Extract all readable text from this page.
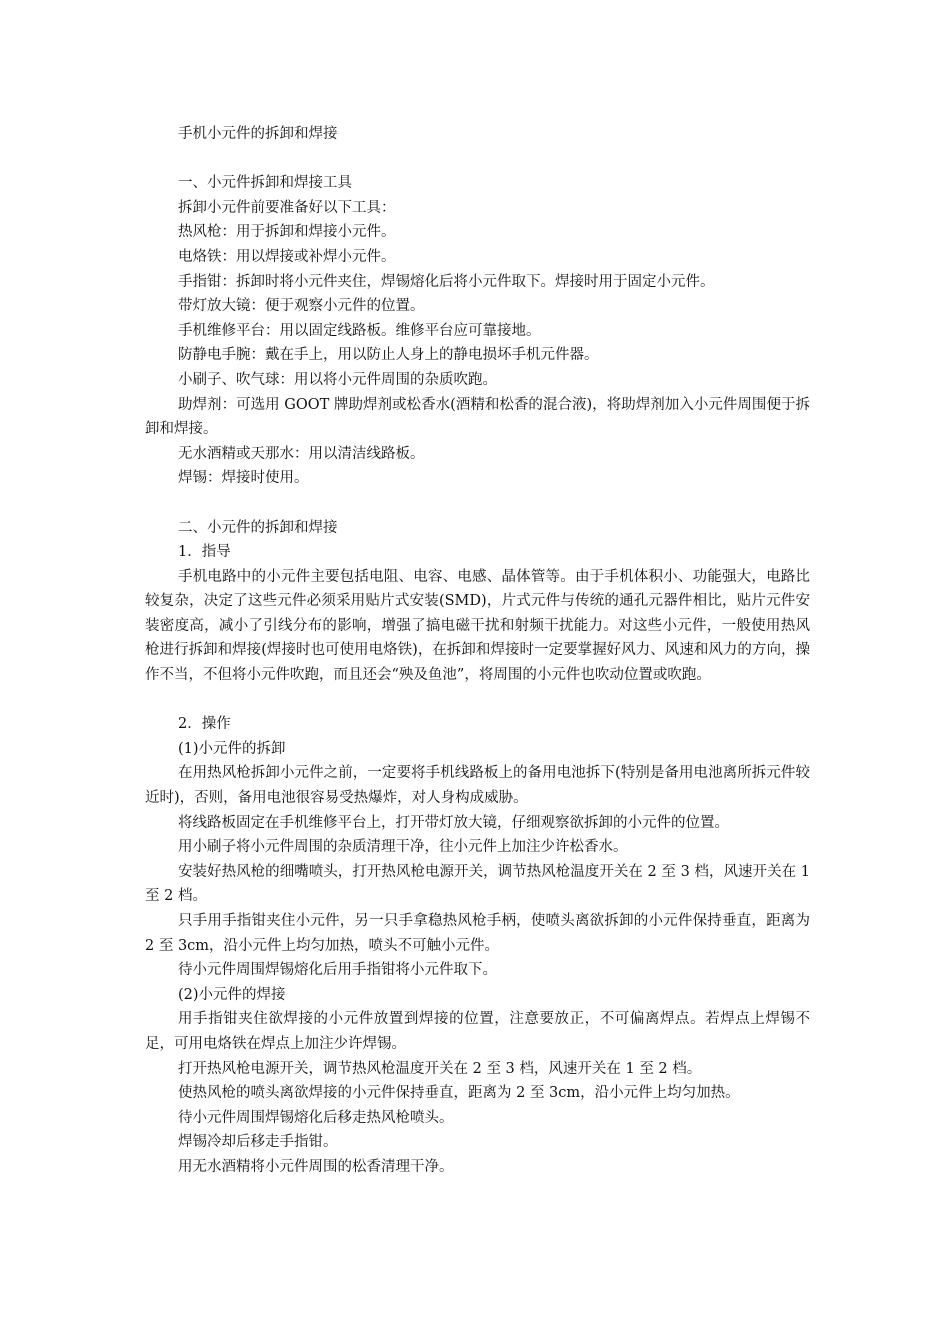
手机小元件的拆卸和焊接

一、小元件拆卸和焊接工具

拆卸小元件前要准备好以下工具：

热风枪：用于拆卸和焊接小元件。

电烙铁：用以焊接或补焊小元件。

手指钳：拆卸时将小元件夹住，焊锡熔化后将小元件取下。焊接时用于固定小元件。

带灯放大镜：便于观察小元件的位置。

手机维修平台：用以固定线路板。维修平台应可靠接地。

防静电手腕：戴在手上，用以防止人身上的静电损坏手机元件器。

小刷子、吹气球：用以将小元件周围的杂质吹跑。

助焊剂：可选用 GOOT 牌助焊剂或松香水(酒精和松香的混合液)，将助焊剂加入小元件周围便于拆卸和焊接。

无水酒精或天那水：用以清洁线路板。

焊锡：焊接时使用。

二、小元件的拆卸和焊接

1．指导

手机电路中的小元件主要包括电阻、电容、电感、晶体管等。由于手机体积小、功能强大，电路比较复杂，决定了这些元件必须采用贴片式安装(SMD)，片式元件与传统的通孔元器件相比，贴片元件安装密度高，减小了引线分布的影响，增强了搞电磁干扰和射频干扰能力。对这些小元件，一般使用热风枪进行拆卸和焊接(焊接时也可使用电烙铁)，在拆卸和焊接时一定要掌握好风力、风速和风力的方向，操作不当，不但将小元件吹跑，而且还会“殃及鱼池”，将周围的小元件也吹动位置或吹跑。

2．操作

(1)小元件的拆卸

在用热风枪拆卸小元件之前，一定要将手机线路板上的备用电池拆下(特别是备用电池离所拆元件较近时)，否则，备用电池很容易受热爆炸，对人身构成威胁。

将线路板固定在手机维修平台上，打开带灯放大镜，仔细观察欲拆卸的小元件的位置。

用小刷子将小元件周围的杂质清理干净，往小元件上加注少许松香水。

安装好热风枪的细嘴喷头，打开热风枪电源开关，调节热风枪温度开关在 2 至 3 档，风速开关在 1 至 2 档。

只手用手指钳夹住小元件，另一只手拿稳热风枪手柄，使喷头离欲拆卸的小元件保持垂直，距离为 2 至 3cm，沿小元件上均匀加热，喷头不可触小元件。

待小元件周围焊锡熔化后用手指钳将小元件取下。

(2)小元件的焊接

用手指钳夹住欲焊接的小元件放置到焊接的位置，注意要放正，不可偏离焊点。若焊点上焊锡不足，可用电烙铁在焊点上加注少许焊锡。

打开热风枪电源开关，调节热风枪温度开关在 2 至 3 档，风速开关在 1 至 2 档。

使热风枪的喷头离欲焊接的小元件保持垂直，距离为 2 至 3cm，沿小元件上均匀加热。

待小元件周围焊锡熔化后移走热风枪喷头。

焊锡冷却后移走手指钳。

用无水酒精将小元件周围的松香清理干净。
